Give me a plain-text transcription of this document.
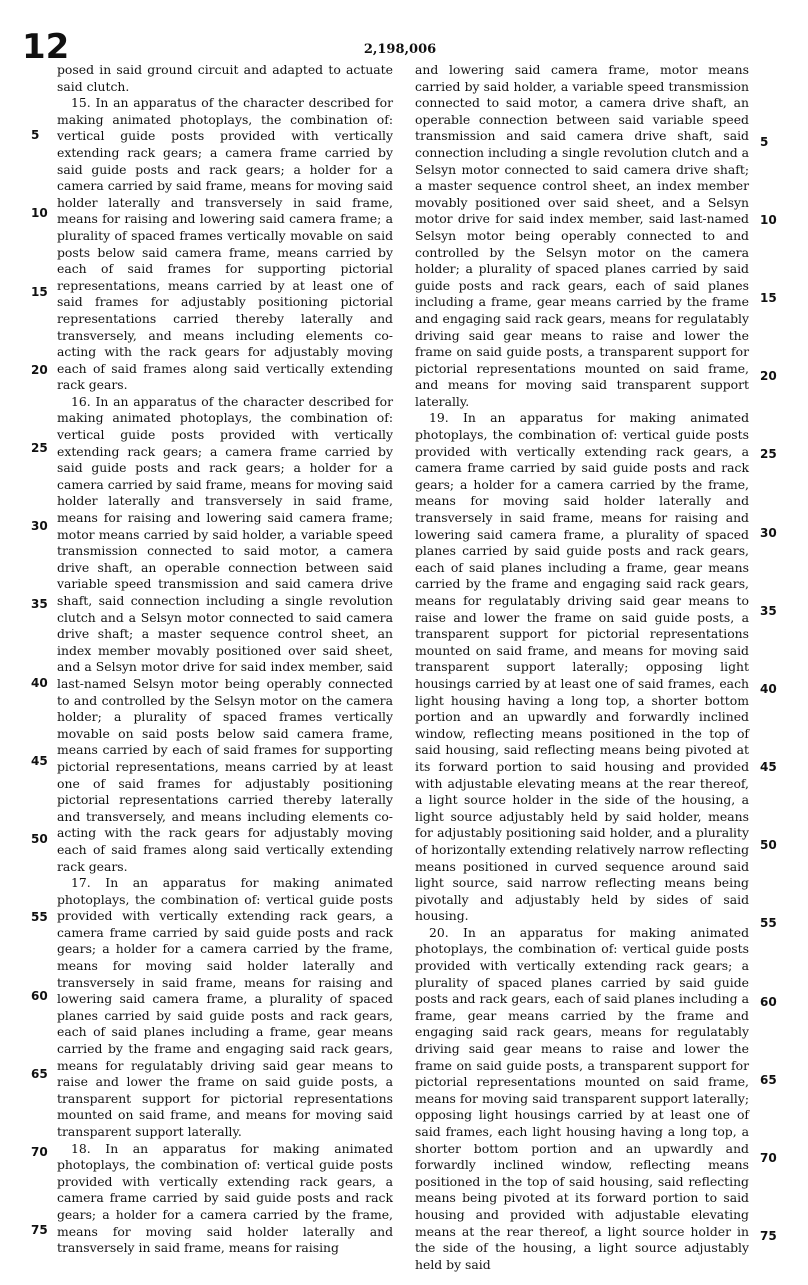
12	2,198,006

posed in said ground circuit and adapted to actuate said clutch.

15. In an apparatus of the character described for making animated photoplays, the combination of: vertical guide posts provided with vertically extending rack gears; a camera frame carried by said guide posts and rack gears; a holder for a camera carried by said frame, means for moving said holder laterally and transversely in said frame, means for raising and lowering said camera frame; a plurality of spaced frames vertically movable on said posts below said camera frame, means carried by each of said frames for supporting pictorial representations, means carried by at least one of said frames for adjustably positioning pictorial representations carried thereby laterally and transversely, and means including elements co-acting with the rack gears for adjustably moving each of said frames along said vertically extending rack gears.

16. In an apparatus of the character described for making animated photoplays, the combination of: vertical guide posts provided with vertically extending rack gears; a camera frame carried by said guide posts and rack gears; a holder for a camera carried by said frame, means for moving said holder laterally and transversely in said frame, means for raising and lowering said camera frame; motor means carried by said holder, a variable speed transmission connected to said motor, a camera drive shaft, an operable connection between said variable speed transmission and said camera drive shaft, said connection including a single revolution clutch and a Selsyn motor connected to said camera drive shaft; a master sequence control sheet, an index member movably positioned over said sheet, and a Selsyn motor drive for said index member, said last-named Selsyn motor being operably connected to and controlled by the Selsyn motor on the camera holder; a plurality of spaced frames vertically movable on said posts below said camera frame, means carried by each of said frames for supporting pictorial representations, means carried by at least one of said frames for adjustably positioning pictorial representations carried thereby laterally and transversely, and means including elements co-acting with the rack gears for adjustably moving each of said frames along said vertically extending rack gears.

17. In an apparatus for making animated photoplays, the combination of: vertical guide posts provided with vertically extending rack gears, a camera frame carried by said guide posts and rack gears; a holder for a camera carried by the frame, means for moving said holder laterally and transversely in said frame, means for raising and lowering said camera frame, a plurality of spaced planes carried by said guide posts and rack gears, each of said planes including a frame, gear means carried by the frame and engaging said rack gears, means for regulatably driving said gear means to raise and lower the frame on said guide posts, a transparent support for pictorial representations mounted on said frame, and means for moving said transparent support laterally.

18. In an apparatus for making animated photoplays, the combination of: vertical guide posts provided with vertically extending rack gears, a camera frame carried by said guide posts and rack gears; a holder for a camera carried by the frame, means for moving said holder laterally and transversely in said frame, means for raising

and lowering said camera frame, motor means carried by said holder, a variable speed transmission connected to said motor, a camera drive shaft, an operable connection between said variable speed transmission and said camera drive shaft, said connection including a single revolution clutch and a Selsyn motor connected to said camera drive shaft; a master sequence control sheet, an index member movably positioned over said sheet, and a Selsyn motor drive for said index member, said last-named Selsyn motor being operably connected to and controlled by the Selsyn motor on the camera holder; a plurality of spaced planes carried by said guide posts and rack gears, each of said planes including a frame, gear means carried by the frame and engaging said rack gears, means for regulatably driving said gear means to raise and lower the frame on said guide posts, a transparent support for pictorial representations mounted on said frame, and means for moving said transparent support laterally.

19. In an apparatus for making animated photoplays, the combination of: vertical guide posts provided with vertically extending rack gears, a camera frame carried by said guide posts and rack gears; a holder for a camera carried by the frame, means for moving said holder laterally and transversely in said frame, means for raising and lowering said camera frame, a plurality of spaced planes carried by said guide posts and rack gears, each of said planes including a frame, gear means carried by the frame and engaging said rack gears, means for regulatably driving said gear means to raise and lower the frame on said guide posts, a transparent support for pictorial representations mounted on said frame, and means for moving said transparent support laterally; opposing light housings carried by at least one of said frames, each light housing having a long top, a shorter bottom portion and an upwardly and forwardly inclined window, reflecting means positioned in the top of said housing, said reflecting means being pivoted at its forward portion to said housing and provided with adjustable elevating means at the rear thereof, a light source holder in the side of the housing, a light source adjustably held by said holder, means for adjustably positioning said holder, and a plurality of horizontally extending relatively narrow reflecting means positioned in curved sequence around said light source, said narrow reflecting means being pivotally and adjustably held by sides of said housing.

20. In an apparatus for making animated photoplays, the combination of: vertical guide posts provided with vertically extending rack gears; a plurality of spaced planes carried by said guide posts and rack gears, each of said planes including a frame, gear means carried by the frame and engaging said rack gears, means for regulatably driving said gear means to raise and lower the frame on said guide posts, a transparent support for pictorial representations mounted on said frame, means for moving said transparent support laterally; opposing light housings carried by at least one of said frames, each light housing having a long top, a shorter bottom portion and an upwardly and forwardly inclined window, reflecting means positioned in the top of said housing, said reflecting means being pivoted at its forward portion to said housing and provided with adjustable elevating means at the rear thereof, a light source holder in the side of the housing, a light source adjustably held by said

5
10
15
20
25
30
35
40
45
50
55
60
65
70
75
5
10
15
20
25
30
35
40
45
50
55
60
65
70
75
